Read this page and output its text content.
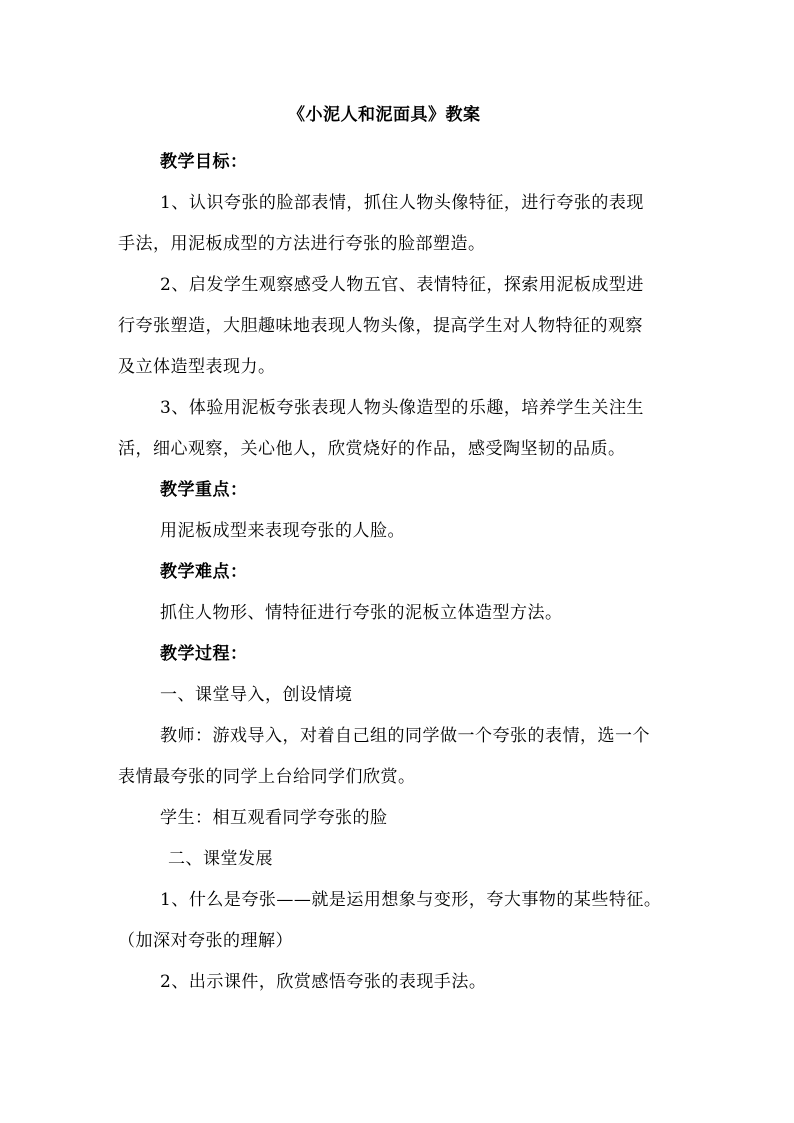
《小泥人和泥面具》教案
教学目标：
1、认识夸张的脸部表情，抓住人物头像特征，进行夸张的表现
手法，用泥板成型的方法进行夸张的脸部塑造。
2、启发学生观察感受人物五官、表情特征，探索用泥板成型进
行夸张塑造，大胆趣味地表现人物头像，提高学生对人物特征的观察
及立体造型表现力。
3、体验用泥板夸张表现人物头像造型的乐趣，培养学生关注生
活，细心观察，关心他人，欣赏烧好的作品，感受陶坚韧的品质。
教学重点：
用泥板成型来表现夸张的人脸。
教学难点：
抓住人物形、情特征进行夸张的泥板立体造型方法。
教学过程：
一、课堂导入，创设情境
教师：游戏导入，对着自己组的同学做一个夸张的表情，选一个
表情最夸张的同学上台给同学们欣赏。
学生：相互观看同学夸张的脸
二、课堂发展
1、什么是夸张——就是运用想象与变形，夸大事物的某些特征。
（加深对夸张的理解）
2、出示课件，欣赏感悟夸张的表现手法。
